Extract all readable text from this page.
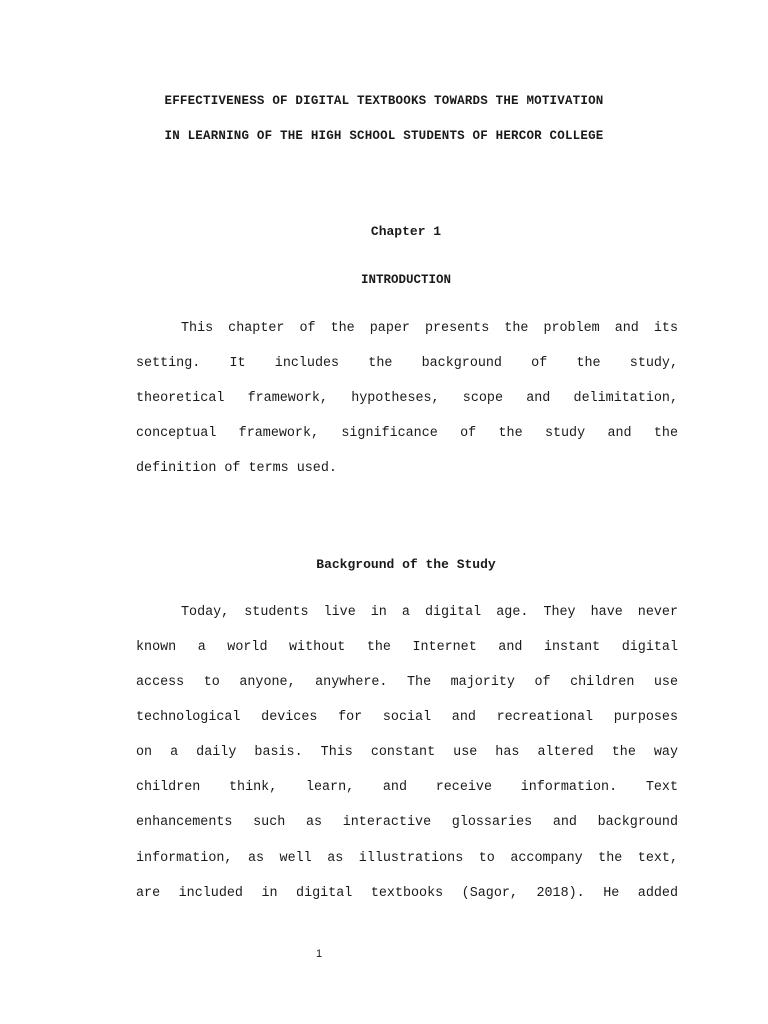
EFFECTIVENESS OF DIGITAL TEXTBOOKS TOWARDS THE MOTIVATION
IN LEARNING OF THE HIGH SCHOOL STUDENTS OF HERCOR COLLEGE
Chapter 1
INTRODUCTION
This chapter of the paper presents the problem and its
setting. It includes the background of the study,
theoretical framework, hypotheses, scope and delimitation,
conceptual framework, significance of the study and the
definition of terms used.
Background of the Study
Today, students live in a digital age. They have never
known a world without the Internet and instant digital
access to anyone, anywhere. The majority of children use
technological devices for social and recreational purposes
on a daily basis. This constant use has altered the way
children think, learn, and receive information. Text
enhancements such as interactive glossaries and background
information, as well as illustrations to accompany the text,
are included in digital textbooks (Sagor, 2018). He added
1
